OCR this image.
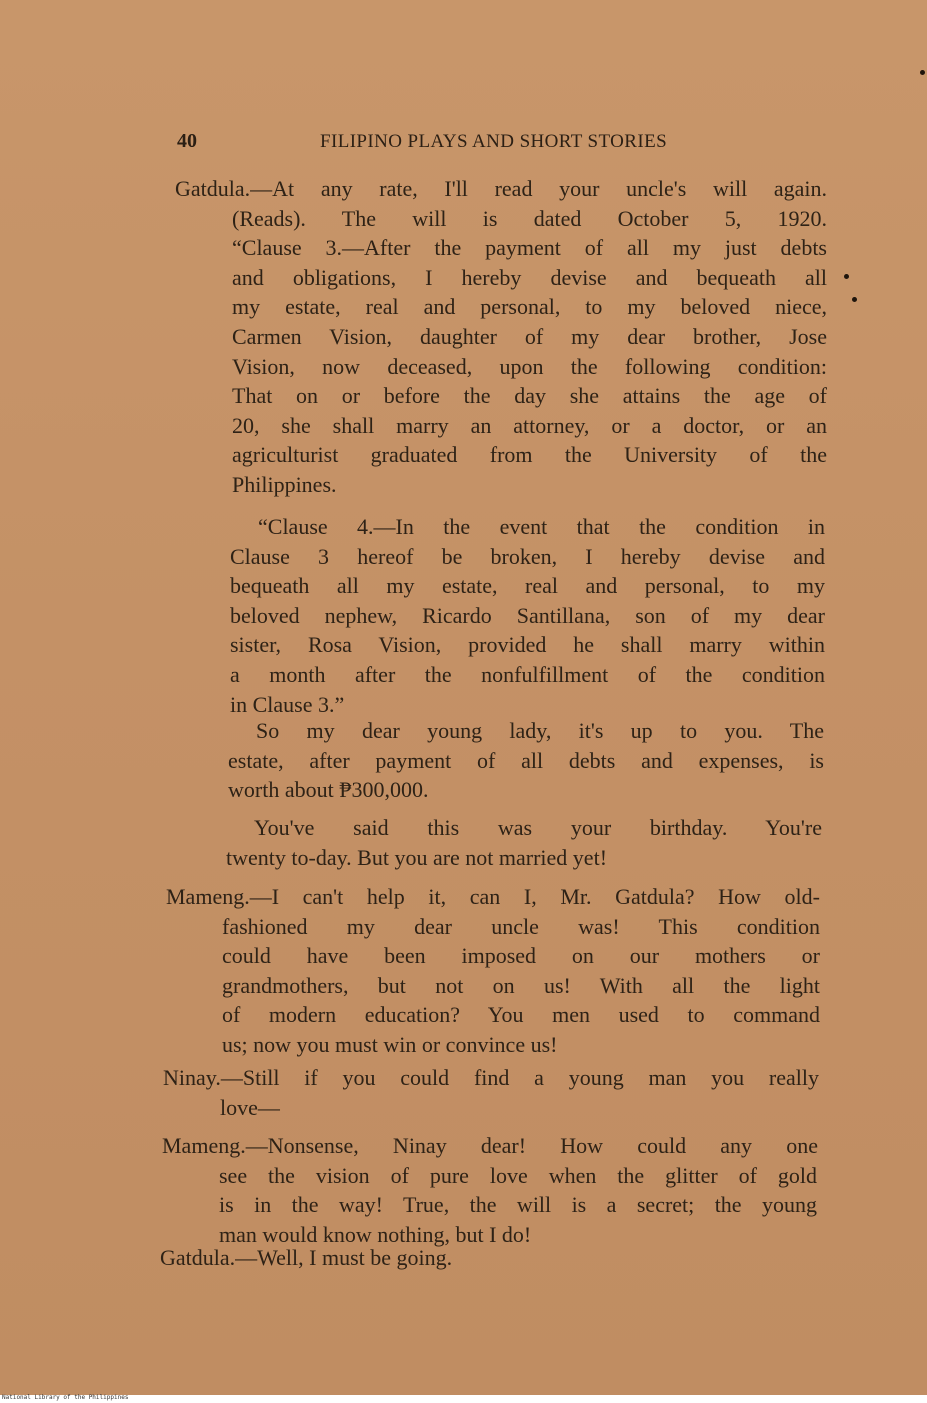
40	FILIPINO PLAYS AND SHORT STORIES
Gatdula.—At any rate, I'll read your uncle's will again.
(Reads). The will is dated October 5, 1920.
“Clause 3.—After the payment of all my just debts
and obligations, I hereby devise and bequeath all
my estate, real and personal, to my beloved niece,
Carmen Vision, daughter of my dear brother, Jose
Vision, now deceased, upon the following condition:
That on or before the day she attains the age of
20, she shall marry an attorney, or a doctor, or an
agriculturist graduated from the University of the
Philippines.
“Clause 4.—In the event that the condition in
Clause 3 hereof be broken, I hereby devise and
bequeath all my estate, real and personal, to my
beloved nephew, Ricardo Santillana, son of my dear
sister, Rosa Vision, provided he shall marry within
a month after the nonfulfillment of the condition
in Clause 3.”
So my dear young lady, it's up to you. The
estate, after payment of all debts and expenses, is
worth about ₱300,000.
You've said this was your birthday. You're
twenty to-day. But you are not married yet!
Mameng.—I can't help it, can I, Mr. Gatdula? How old-
fashioned my dear uncle was! This condition
could have been imposed on our mothers or
grandmothers, but not on us! With all the light
of modern education? You men used to command
us; now you must win or convince us!
Ninay.—Still if you could find a young man you really
love—
Mameng.—Nonsense, Ninay dear! How could any one
see the vision of pure love when the glitter of gold
is in the way! True, the will is a secret; the young
man would know nothing, but I do!
Gatdula.—Well, I must be going.
National Library of the Philippines
